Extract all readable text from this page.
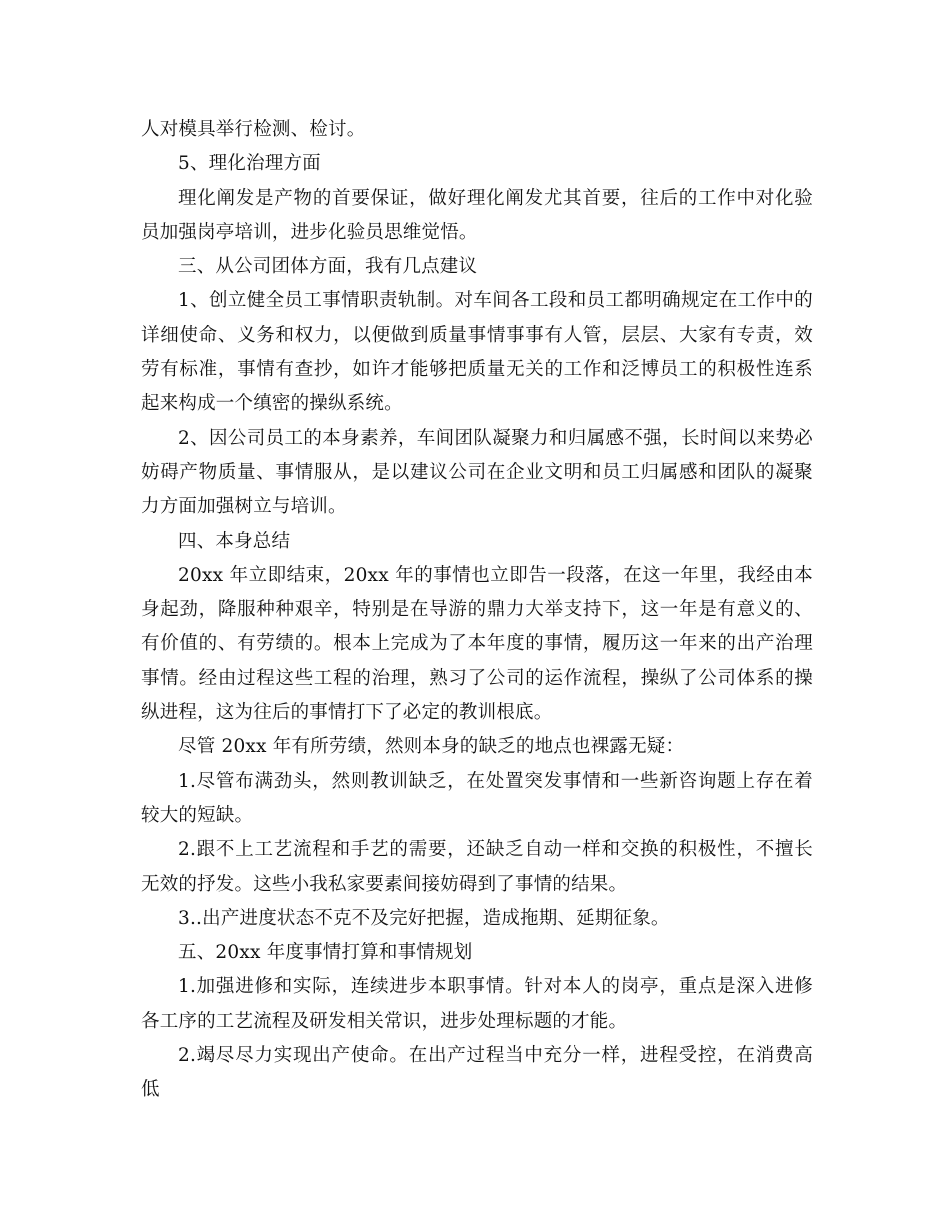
人对模具举行检测、检讨。

5、理化治理方面

理化阐发是产物的首要保证，做好理化阐发尤其首要，往后的工作中对化验员加强岗亭培训，进步化验员思维觉悟。

三、从公司团体方面，我有几点建议

1、创立健全员工事情职责轨制。对车间各工段和员工都明确规定在工作中的详细使命、义务和权力，以便做到质量事情事事有人管，层层、大家有专责，效劳有标准，事情有查抄，如许才能够把质量无关的工作和泛博员工的积极性连系起来构成一个缜密的操纵系统。

2、因公司员工的本身素养，车间团队凝聚力和归属感不强，长时间以来势必妨碍产物质量、事情服从，是以建议公司在企业文明和员工归属感和团队的凝聚力方面加强树立与培训。

四、本身总结

20xx 年立即结束，20xx 年的事情也立即告一段落，在这一年里，我经由本身起劲，降服种种艰辛，特别是在导游的鼎力大举支持下，这一年是有意义的、有价值的、有劳绩的。根本上完成为了本年度的事情，履历这一年来的出产治理事情。经由过程这些工程的治理，熟习了公司的运作流程，操纵了公司体系的操纵进程，这为往后的事情打下了必定的教训根底。

尽管 20xx 年有所劳绩，然则本身的缺乏的地点也裸露无疑：

1.尽管布满劲头，然则教训缺乏，在处置突发事情和一些新咨询题上存在着较大的短缺。

2.跟不上工艺流程和手艺的需要，还缺乏自动一样和交换的积极性，不擅长无效的抒发。这些小我私家要素间接妨碍到了事情的结果。

3..出产进度状态不克不及完好把握，造成拖期、延期征象。

五、20xx 年度事情打算和事情规划

1.加强进修和实际，连续进步本职事情。针对本人的岗亭，重点是深入进修各工序的工艺流程及研发相关常识，进步处理标题的才能。

2.竭尽尽力实现出产使命。在出产过程当中充分一样，进程受控，在消费高低
